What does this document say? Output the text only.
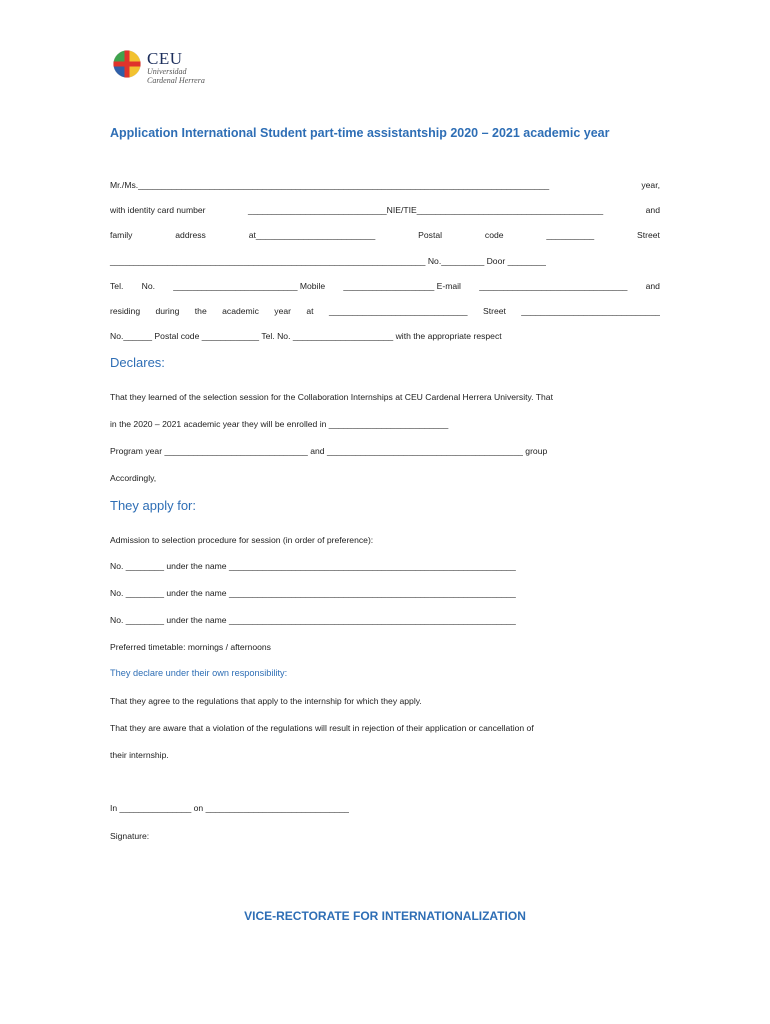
CEU
Universidad
Cardenal Herrera
Application International Student part-time assistantship 2020 – 2021 academic year
Mr./Ms.______________________________________________________________________________________	year,
with identity card number	_____________________________NIE/TIE_______________________________________	and
family	address	at_________________________	Postal	code	__________	Street
__________________________________________________________________ No._________ Door ________
Tel. No. __________________________ Mobile ___________________ E-mail _______________________________ and
residing during the academic year at _____________________________ Street _____________________________
No.______ Postal code ____________ Tel. No. _____________________ with the appropriate respect
Declares:
That they learned of the selection session for the Collaboration Internships at CEU Cardenal Herrera University. That
in the 2020 – 2021 academic year they will be enrolled in _________________________
Program year ______________________________ and _________________________________________ group
Accordingly,
They apply for:
Admission to selection procedure for session (in order of preference):
No. ________ under the name ____________________________________________________________
No. ________ under the name ____________________________________________________________
No. ________ under the name ____________________________________________________________
Preferred timetable: mornings / afternoons
They declare under their own responsibility:
That they agree to the regulations that apply to the internship for which they apply.
That they are aware that a violation of the regulations will result in rejection of their application or cancellation of
their internship.
In _______________ on ______________________________
Signature:
VICE-RECTORATE FOR INTERNATIONALIZATION
